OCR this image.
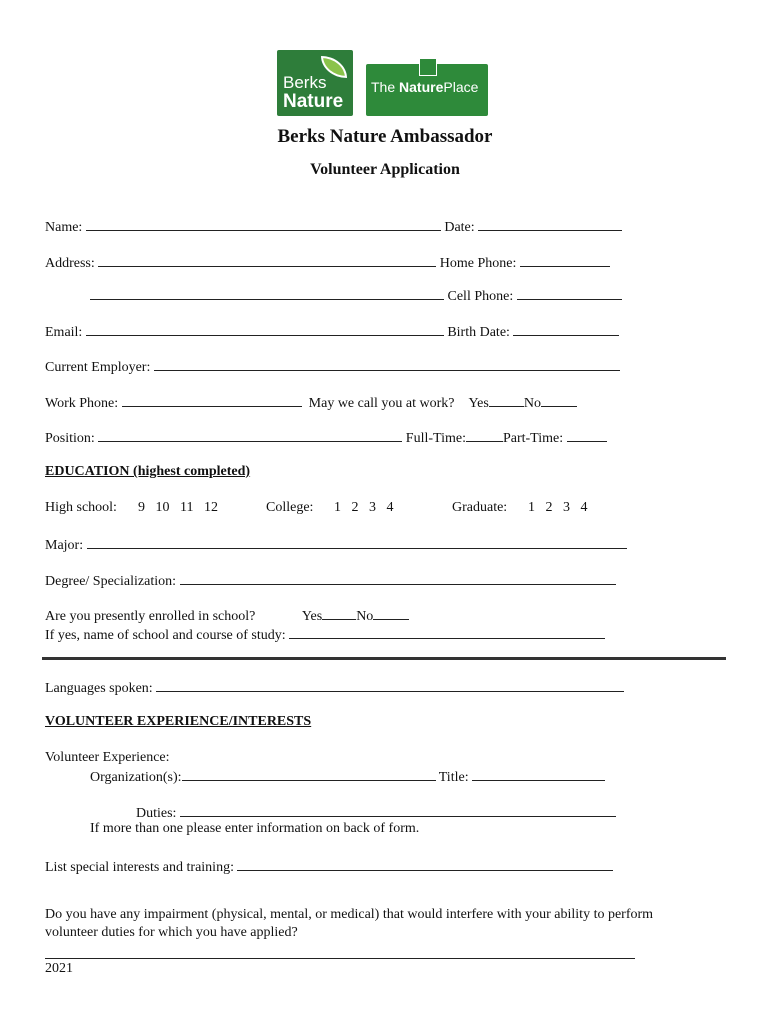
Berks
Nature
The NaturePlace
Berks Nature Ambassador
Volunteer Application
Name:	Date:
Address:	Home Phone:
Cell Phone:
Email:	Birth Date:
Current Employer:
Work Phone:	May we call you at work? Yes	No
Position:	Full-Time:	Part-Time:
EDUCATION (highest completed)
High school: 9   10   11   12	College: 1   2   3   4	Graduate: 1   2   3   4
Major:
Degree/ Specialization:
Are you presently enrolled in school?	Yes No
If yes, name of school and course of study:
Languages spoken:
VOLUNTEER EXPERIENCE/INTERESTS
Volunteer Experience:
Organization(s):	Title:
Duties:
If more than one please enter information on back of form.
List special interests and training:
Do you have any impairment (physical, mental, or medical) that would interfere with your ability to perform
volunteer duties for which you have applied?
2021
